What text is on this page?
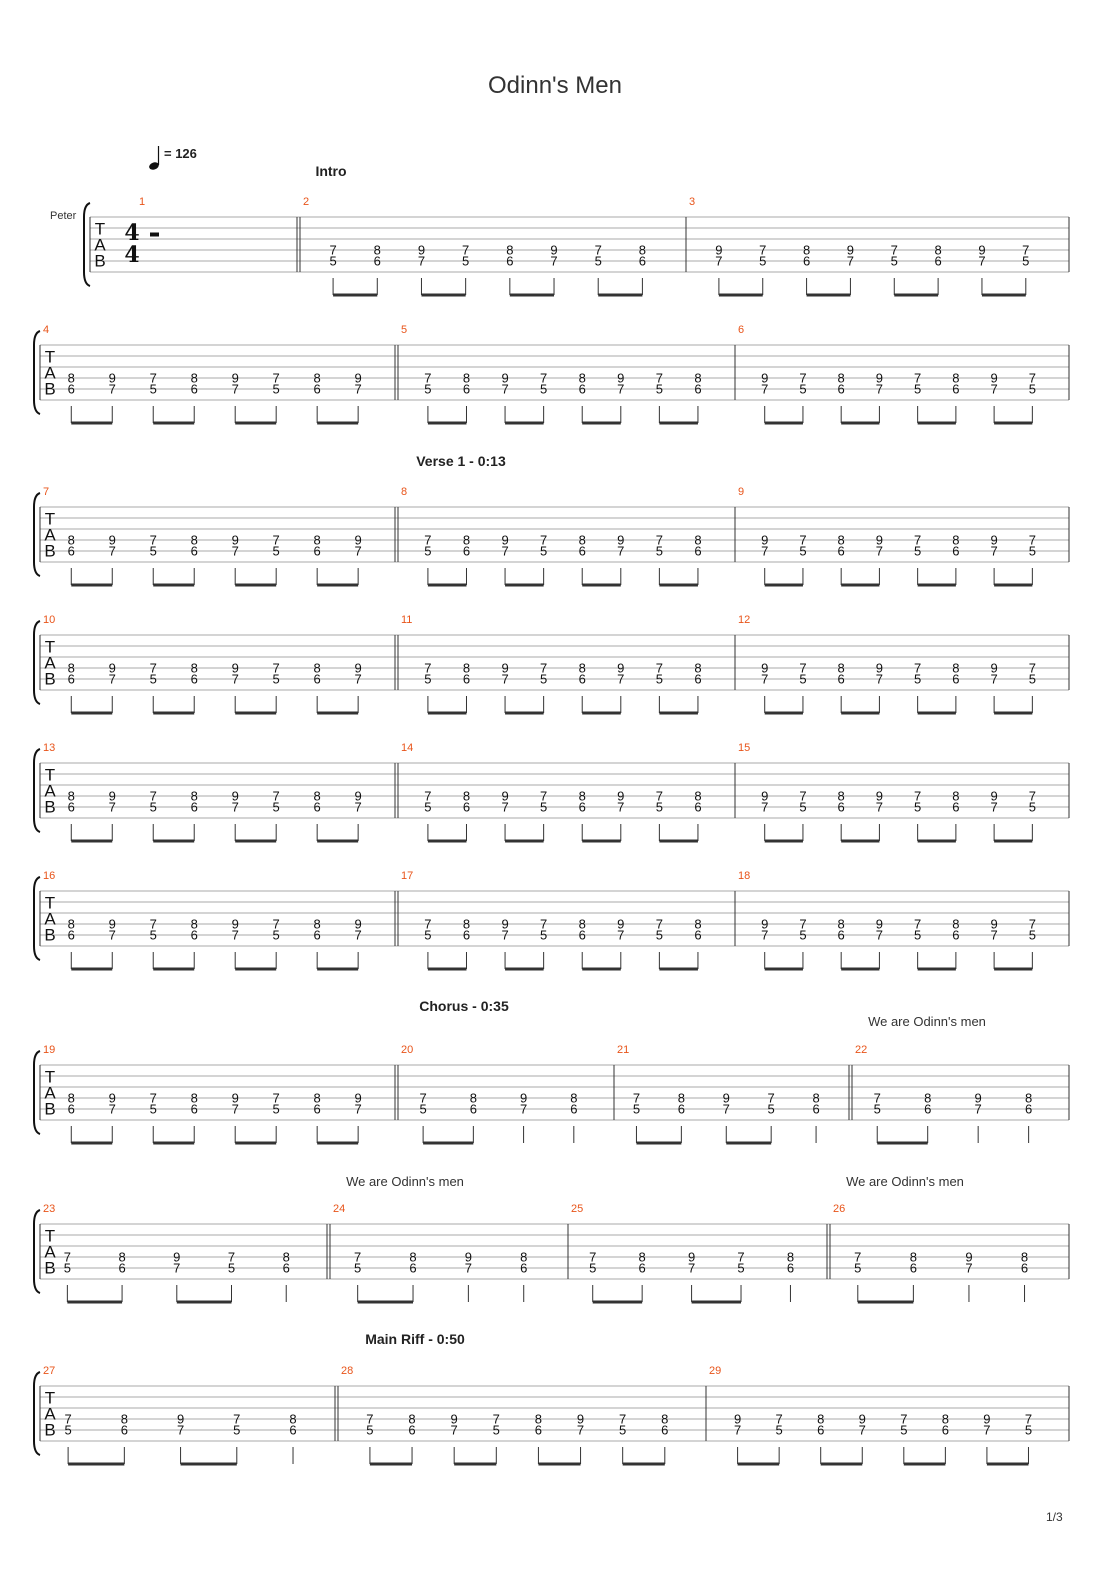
Odinn's Men
= 126
Peter
T
A
B
Intro
1
4
4
2
7
5
8
6
9
7
7
5
8
6
9
7
7
5
8
6
3
9
7
7
5
8
6
9
7
7
5
8
6
9
7
7
5
T
A
B
4
8
6
9
7
7
5
8
6
9
7
7
5
8
6
9
7
5
7
5
8
6
9
7
7
5
8
6
9
7
7
5
8
6
6
9
7
7
5
8
6
9
7
7
5
8
6
9
7
7
5
T
A
B
Verse 1 - 0:13
7
8
6
9
7
7
5
8
6
9
7
7
5
8
6
9
7
8
7
5
8
6
9
7
7
5
8
6
9
7
7
5
8
6
9
9
7
7
5
8
6
9
7
7
5
8
6
9
7
7
5
T
A
B
10
8
6
9
7
7
5
8
6
9
7
7
5
8
6
9
7
11
7
5
8
6
9
7
7
5
8
6
9
7
7
5
8
6
12
9
7
7
5
8
6
9
7
7
5
8
6
9
7
7
5
T
A
B
13
8
6
9
7
7
5
8
6
9
7
7
5
8
6
9
7
14
7
5
8
6
9
7
7
5
8
6
9
7
7
5
8
6
15
9
7
7
5
8
6
9
7
7
5
8
6
9
7
7
5
T
A
B
16
8
6
9
7
7
5
8
6
9
7
7
5
8
6
9
7
17
7
5
8
6
9
7
7
5
8
6
9
7
7
5
8
6
18
9
7
7
5
8
6
9
7
7
5
8
6
9
7
7
5
T
A
B
Chorus - 0:35
19
8
6
9
7
7
5
8
6
9
7
7
5
8
6
9
7
20
7
5
8
6
9
7
8
6
21
7
5
8
6
9
7
7
5
8
6
22
We are Odinn's men
7
5
8
6
9
7
8
6
T
A
B
23
7
5
8
6
9
7
7
5
8
6
24
We are Odinn's men
7
5
8
6
9
7
8
6
25
7
5
8
6
9
7
7
5
8
6
26
We are Odinn's men
7
5
8
6
9
7
8
6
T
A
B
Main Riff - 0:50
27
7
5
8
6
9
7
7
5
8
6
28
7
5
8
6
9
7
7
5
8
6
9
7
7
5
8
6
29
9
7
7
5
8
6
9
7
7
5
8
6
9
7
7
5
1/3
